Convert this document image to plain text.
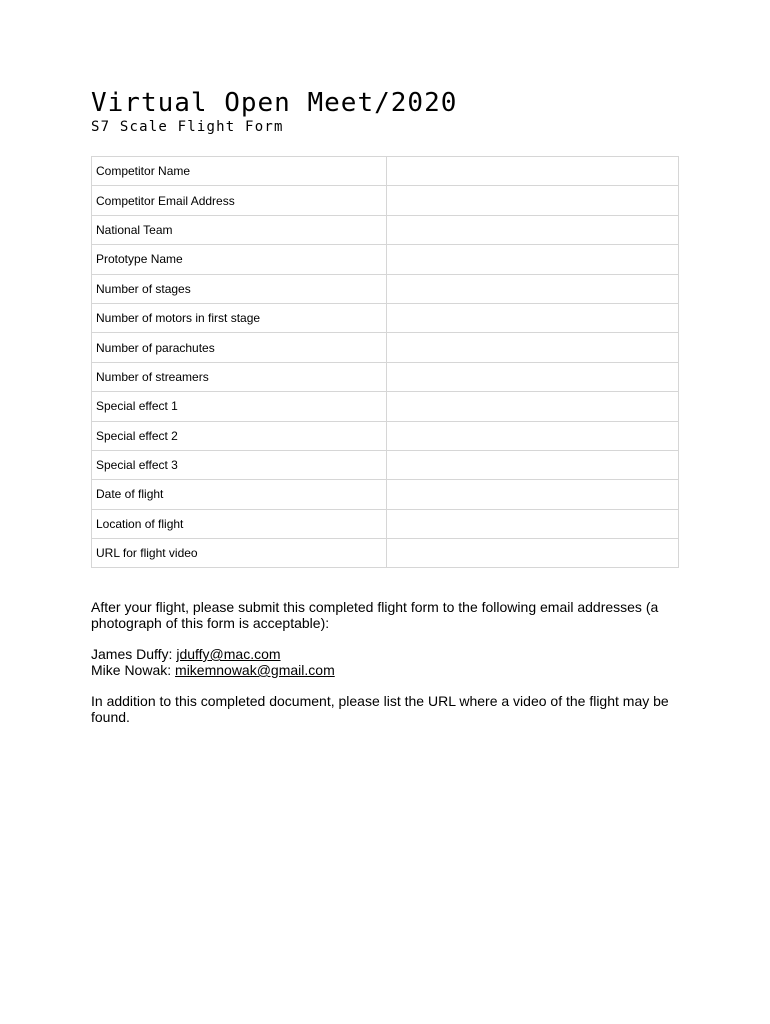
Virtual Open Meet/2020
S7 Scale Flight Form
Competitor Name	
Competitor Email Address	
National Team	
Prototype Name	
Number of stages	
Number of motors in first stage	
Number of parachutes	
Number of streamers	
Special effect 1	
Special effect 2	
Special effect 3	
Date of flight	
Location of flight	
URL for flight video	

After your flight, please submit this completed flight form to the following email addresses (a photograph of this form is acceptable):

James Duffy: jduffy@mac.com
Mike Nowak: mikemnowak@gmail.com

In addition to this completed document, please list the URL where a video of the flight may be found.
